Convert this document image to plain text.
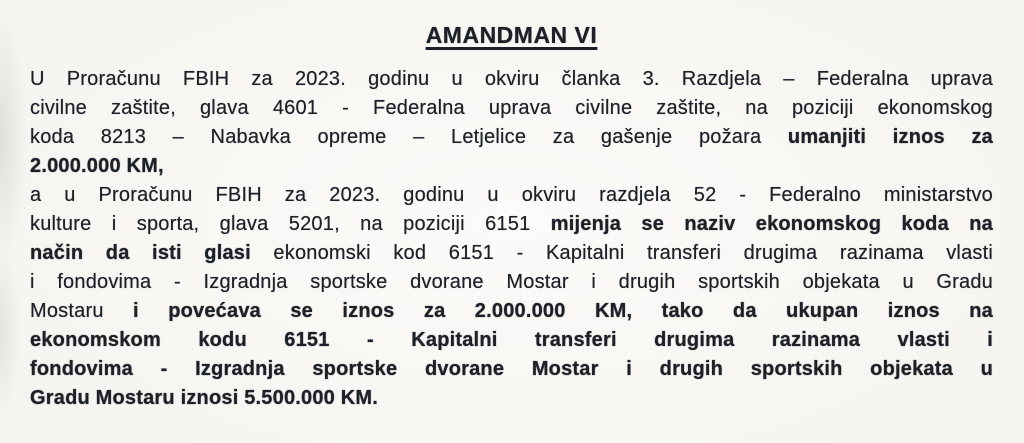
AMANDMAN VI
U Proračunu FBIH za 2023. godinu u okviru članka 3. Razdjela – Federalna uprava
civilne zaštite, glava 4601 - Federalna uprava civilne zaštite, na poziciji ekonomskog
koda 8213 – Nabavka opreme – Letjelice za gašenje požara umanjiti iznos za
2.000.000 KM,
a u Proračunu FBIH za 2023. godinu u okviru razdjela 52 - Federalno ministarstvo
kulture i sporta, glava 5201, na poziciji 6151 mijenja se naziv ekonomskog koda na
način da isti glasi ekonomski kod 6151 - Kapitalni transferi drugima razinama vlasti
i fondovima - Izgradnja sportske dvorane Mostar i drugih sportskih objekata u Gradu
Mostaru i povećava se iznos za 2.000.000 KM, tako da ukupan iznos na
ekonomskom kodu 6151 - Kapitalni transferi drugima razinama vlasti i
fondovima - Izgradnja sportske dvorane Mostar i drugih sportskih objekata u
Gradu Mostaru iznosi 5.500.000 KM.
